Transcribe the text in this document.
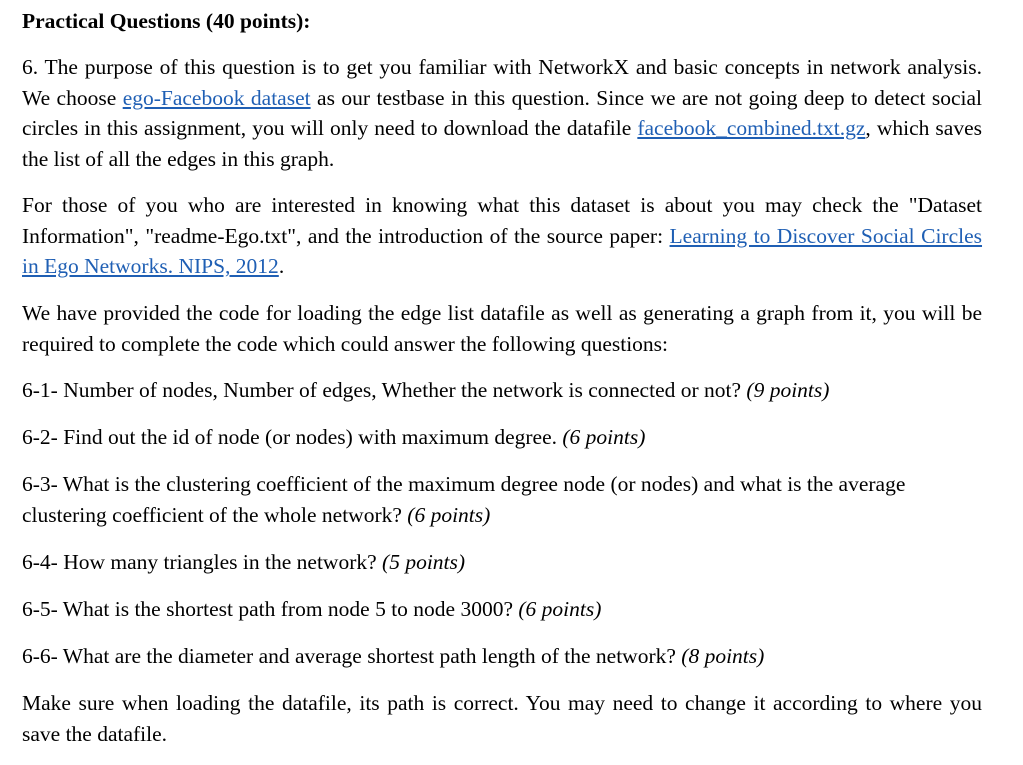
Practical Questions (40 points):

6. The purpose of this question is to get you familiar with NetworkX and basic concepts in network analysis. We choose ego-Facebook dataset as our testbase in this question. Since we are not going deep to detect social circles in this assignment, you will only need to download the datafile facebook_combined.txt.gz, which saves the list of all the edges in this graph.

For those of you who are interested in knowing what this dataset is about you may check the "Dataset Information", "readme-Ego.txt", and the introduction of the source paper: Learning to Discover Social Circles in Ego Networks. NIPS, 2012.

We have provided the code for loading the edge list datafile as well as generating a graph from it, you will be required to complete the code which could answer the following questions:

6-1- Number of nodes, Number of edges, Whether the network is connected or not? (9 points)

6-2- Find out the id of node (or nodes) with maximum degree. (6 points)

6-3- What is the clustering coefficient of the maximum degree node (or nodes) and what is the average clustering coefficient of the whole network? (6 points)

6-4- How many triangles in the network? (5 points)

6-5- What is the shortest path from node 5 to node 3000? (6 points)

6-6- What are the diameter and average shortest path length of the network? (8 points)

Make sure when loading the datafile, its path is correct. You may need to change it according to where you save the datafile.
